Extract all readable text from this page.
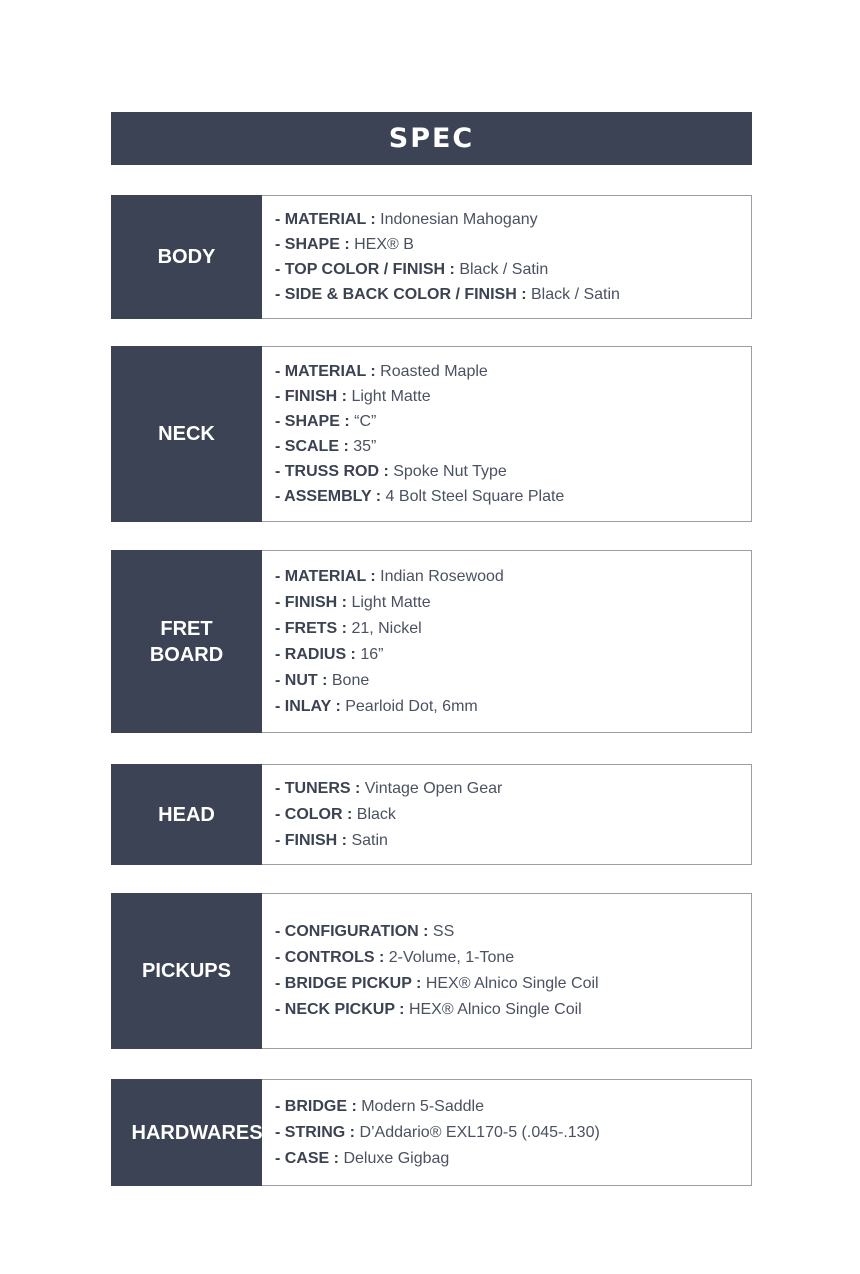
SPEC
BODY
- MATERIAL : Indonesian Mahogany
- SHAPE : HEX® B
- TOP COLOR / FINISH : Black / Satin
- SIDE & BACK COLOR / FINISH : Black / Satin
NECK
- MATERIAL : Roasted Maple
- FINISH : Light Matte
- SHAPE : “C”
- SCALE : 35”
- TRUSS ROD : Spoke Nut Type
- ASSEMBLY : 4 Bolt Steel Square Plate
FRET BOARD
- MATERIAL : Indian Rosewood
- FINISH : Light Matte
- FRETS : 21, Nickel
- RADIUS : 16”
- NUT : Bone
- INLAY : Pearloid Dot, 6mm
HEAD
- TUNERS : Vintage Open Gear
- COLOR : Black
- FINISH : Satin
PICKUPS
- CONFIGURATION : SS
- CONTROLS : 2-Volume, 1-Tone
- BRIDGE PICKUP : HEX® Alnico Single Coil
- NECK PICKUP : HEX® Alnico Single Coil
HARDWARES
- BRIDGE : Modern 5-Saddle
- STRING : D’Addario® EXL170-5 (.045-.130)
- CASE : Deluxe Gigbag
